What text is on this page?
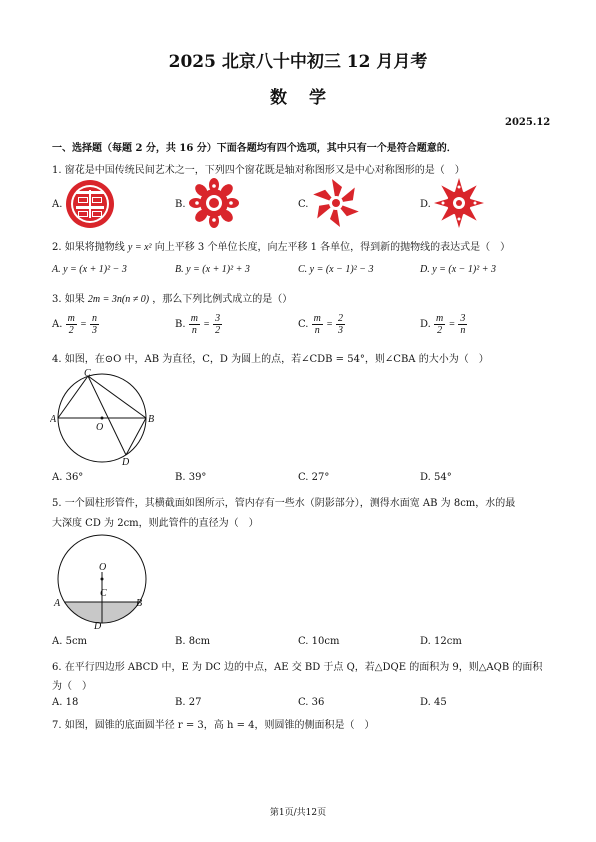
2025 北京八十中初三 12 月月考
数学
2025.12
一、选择题（每题 2 分，共 16 分）下面各题均有四个选项，其中只有一个是符合题意的．
1. 窗花是中国传统民间艺术之一，下列四个窗花既是轴对称图形又是中心对称图形的是（　）
A.	B.	C.	D.
2. 如果将抛物线 y = x² 向上平移 3 个单位长度，向左平移 1 各单位，得到新的抛物线的表达式是（　）
A. y = (x + 1)² − 3	B. y = (x + 1)² + 3	C. y = (x − 1)² − 3	D. y = (x − 1)² + 3
3. 如果 2m = 3n(n ≠ 0) ，那么下列比例式成立的是（）
A. $\frac{m}{2} = \frac{n}{3}$	B. $\frac{m}{n} = \frac{3}{2}$	C. $\frac{m}{n} = \frac{2}{3}$	D. $\frac{m}{2} = \frac{3}{n}$
4. 如图，在⊙O 中，AB 为直径，C，D 为圆上的点，若∠CDB = 54°，则∠CBA 的大小为（　）
C
A	B
O
D
A. 36°	B. 39°	C. 27°	D. 54°
5. 一个圆柱形管件，其横截面如图所示，管内存有一些水（阴影部分），测得水面宽 AB 为 8cm，水的最
大深度 CD 为 2cm，则此管件的直径为（　）
O
C
A	B
D
A. 5cm	B. 8cm	C. 10cm	D. 12cm
6. 在平行四边形 ABCD 中，E 为 DC 边的中点，AE 交 BD 于点 Q，若△DQE 的面积为 9，则△AQB 的面积
为（　）
A. 18	B. 27	C. 36	D. 45
7. 如图，圆锥的底面圆半径 r = 3，高 h = 4，则圆锥的侧面积是（　）
第1页/共12页
